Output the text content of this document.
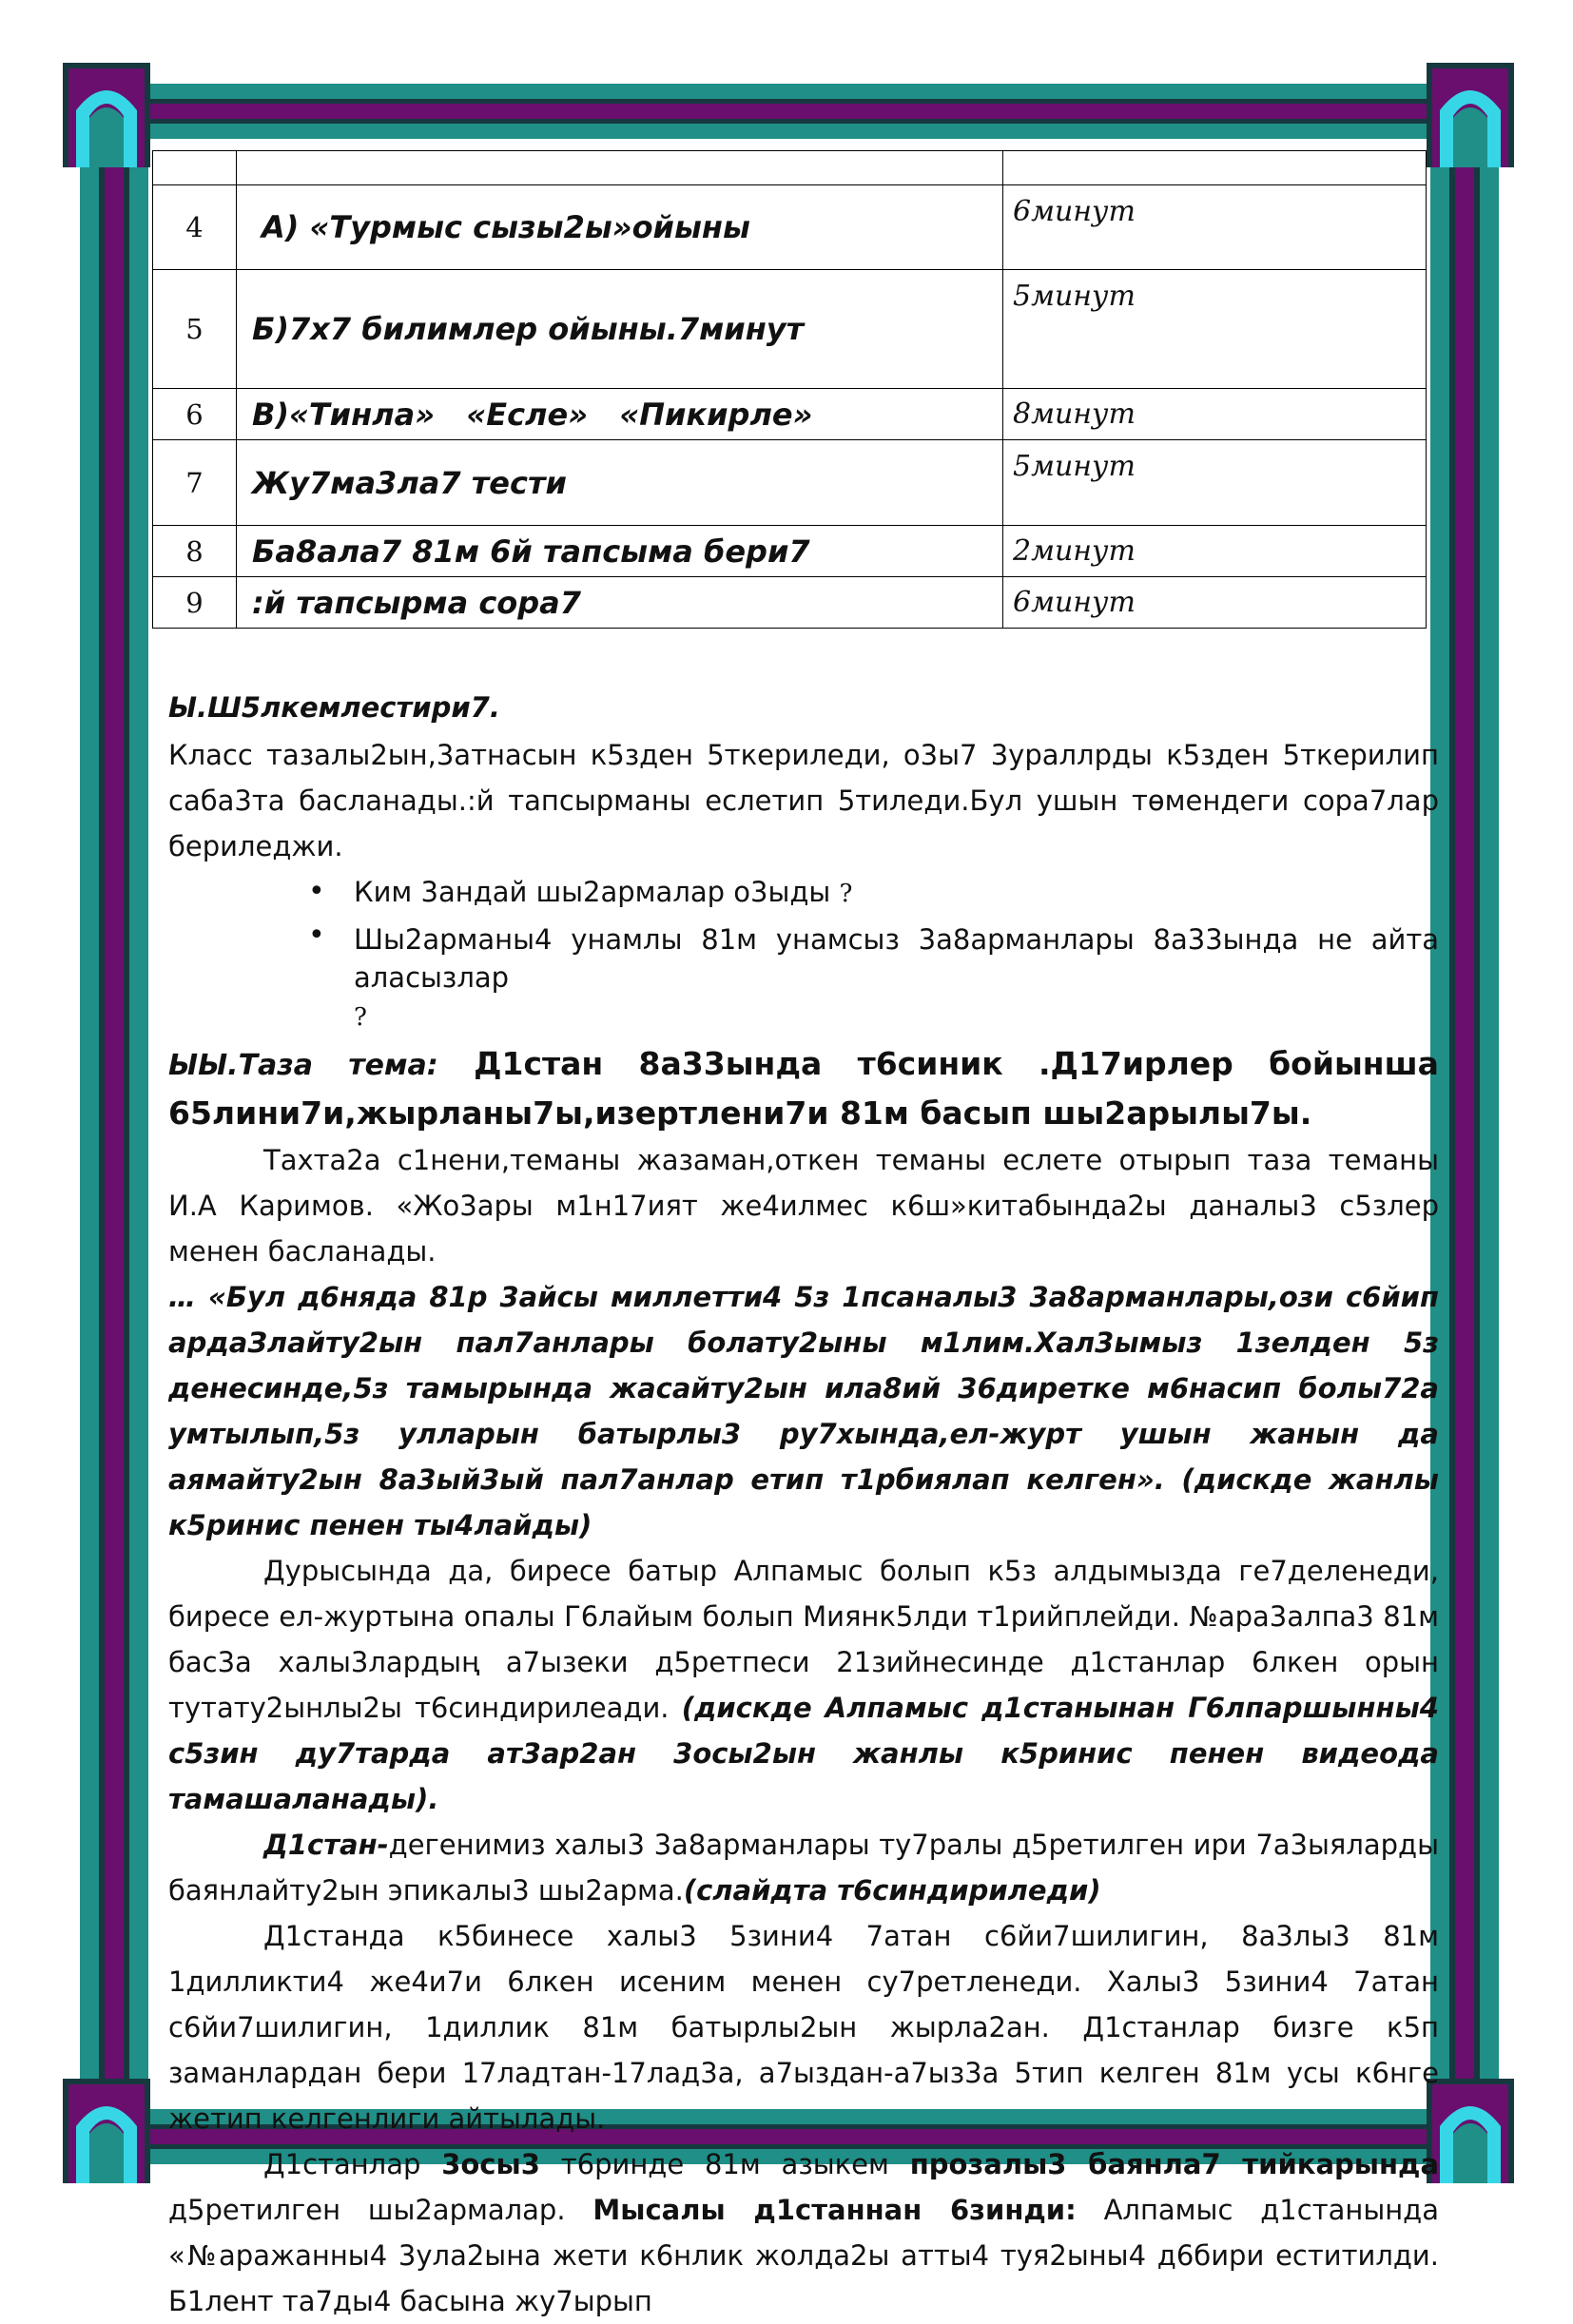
4	А) «Турмыс сызы2ы»ойыны	6минут
5	Б)7х7 билимлер ойыны.7минут	5минут
6	В)«Тинла»   «Есле»   «Пикирле»	8минут
7	Жу7ма3ла7 тести	5минут
8	Ба8ала7 81м 6й тапсыма бери7	2минут
9	:й тапсырма сора7	6минут

Ы.Ш5лкемлестири7.

Класс тазалы2ын,3атнасын к5зден 5ткериледи, о3ы7 3ураллрды к5зден 5ткерилип саба3та басланады.:й тапсырманы еслетип 5тиледи.Бул ушын тѳмендеги сора7лар бериледжи.

• Ким 3андай шы2армалар о3ыды ?
• Шы2арманы4 унамлы 81м унамсыз 3а8арманлары 8а33ында не айта аласызлар
?
ЫЫ.Таза тема: Д1стан 8а33ында т6синик .Д17ирлер бойынша

65лини7и,жырланы7ы,изертлени7и 81м басып шы2арылы7ы.

Тахта2а с1нени,теманы жазаман,откен теманы еслете отырып таза теманы И.А Каримов. «Жо3ары м1н17ият же4илмес к6ш»китабында2ы даналы3 с5злер менен басланады.

… «Бул д6няда 81р 3айсы миллетти4 5з 1псаналы3 3а8арманлары,ози с6йип ардаЗлайту2ын пал7анлары болату2ыны м1лим.Хал3ымыз 1зелден 5з денесинде,5з тамырында жасайту2ын ила8ий 36диретке м6насип болы72а умтылып,5з улларын батырлы3 ру7хында,ел-журт ушын жанын да аямайту2ын 8а3ый3ый пал7анлар етип т1рбиялап келген». (дискде жанлы к5ринис пенен ты4лайды)

Дурысында да, биресе батыр Алпамыс болып к5з алдымызда ге7деленеди, биресе ел-журтына опалы Г6лайым болып Миянк5лди т1рийплейди. №ара3алпа3 81м бас3а халы3лардың а7ызеки д5ретпеси 21зийнесинде д1станлар 6лкен орын тутату2ынлы2ы т6синдирилеади. (дискде Алпамыс д1станынан Г6лпаршынны4 с5зин ду7тарда ат3ар2ан 3осы2ын жанлы к5ринис пенен видеода тамашаланады).

Д1стан-дегенимиз халы3 3а8арманлары ту7ралы д5ретилген ири 7а3ыяларды баянлайту2ын эпикалы3 шы2арма.(слайдта т6синдириледи)

Д1станда к5бинесе халы3 5зини4 7атан с6йи7шилигин, 8а3лы3 81м 1дилликти4 же4и7и 6лкен исеним менен су7ретленеди. Халы3 5зини4 7атан с6йи7шилигин, 1диллик 81м батырлы2ын жырла2ан. Д1станлар бизге к5п заманлардан бери 17ладтан-17лад3а, а7ыздан-а7ыз3а 5тип келген 81м усы к6нге жетип келгенлиги айтылады.

Д1станлар 3осы3 т6ринде 81м азыкем прозалы3 баянла7 тийкарында д5ретилген шы2армалар. Мысалы д1станнан 6зинди: Алпамыс д1станында «№аражанны4 3ула2ына жети к6нлик жолда2ы атты4 туя2ыны4 д6бири еститилди. Б1лент та7ды4 басына жу7ырып
